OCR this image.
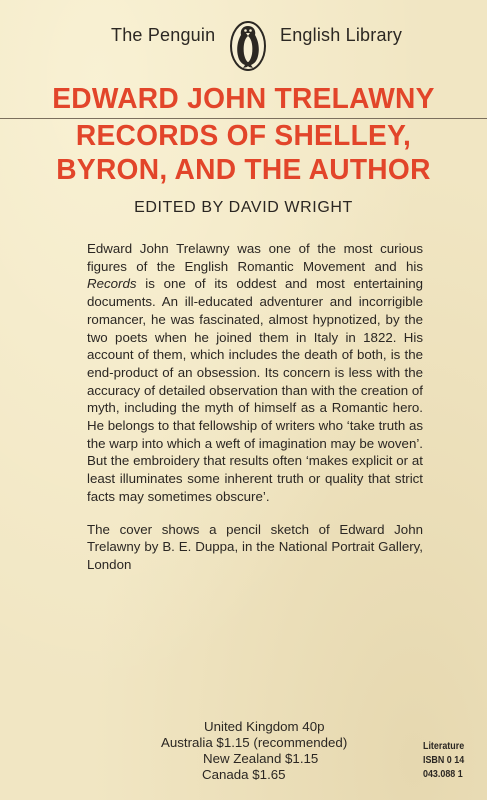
The Penguin	English Library
EDWARD JOHN TRELAWNY
RECORDS OF SHELLEY,
BYRON, AND THE AUTHOR
EDITED BY DAVID WRIGHT

Edward John Trelawny was one of the most curious figures of the English Romantic Movement and his Records is one of its oddest and most entertaining documents. An ill-educated adventurer and incorrigible romancer, he was fascinated, almost hypnotized, by the two poets when he joined them in Italy in 1822. His account of them, which includes the death of both, is the end-product of an obsession. Its concern is less with the accuracy of detailed observation than with the creation of myth, including the myth of himself as a Romantic hero. He belongs to that fellowship of writers who ‘take truth as the warp into which a weft of imagination may be woven’. But the embroidery that results often ‘makes explicit or at least illuminates some inherent truth or quality that strict facts may sometimes obscure’.

The cover shows a pencil sketch of Edward John Trelawny by B. E. Duppa, in the National Portrait Gallery, London

United Kingdom 40p
Australia $1.15 (recommended)
New Zealand $1.15
Canada $1.65
Literature
ISBN 0 14
043.088 1
